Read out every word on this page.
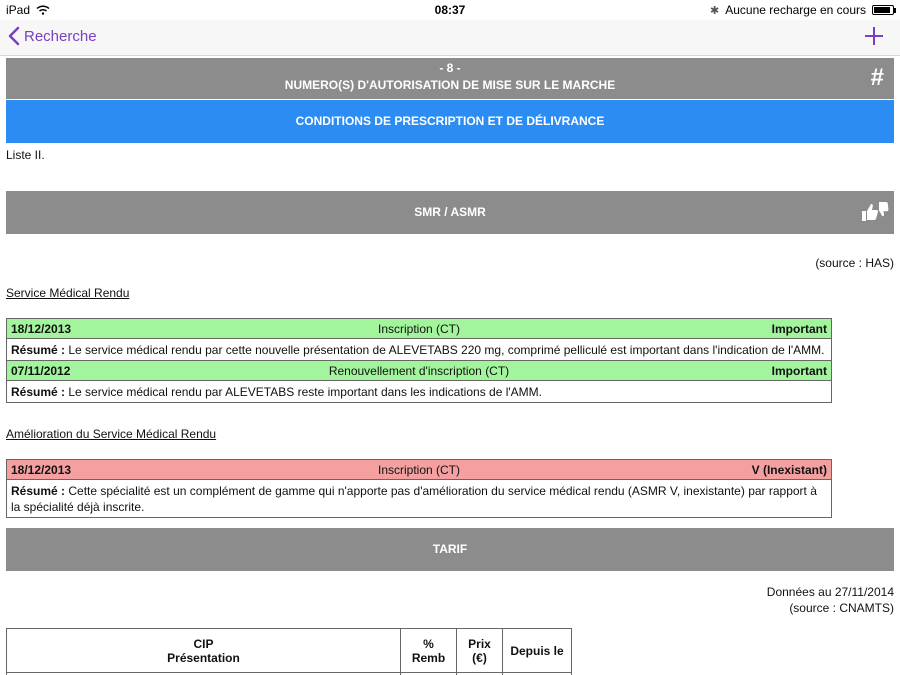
iPad	08:37	✱ Aucune recharge en cours
Recherche
- 8 -
NUMERO(S) D'AUTORISATION DE MISE SUR LE MARCHE	#
CONDITIONS DE PRESCRIPTION ET DE DÉLIVRANCE
Liste II.
SMR / ASMR
(source : HAS)
Service Médical Rendu
18/12/2013	Inscription (CT)	Important
Résumé : Le service médical rendu par cette nouvelle présentation de ALEVETABS 220 mg, comprimé pelliculé est important dans l'indication de l'AMM.		
07/11/2012	Renouvellement d'inscription (CT)	Important
Résumé : Le service médical rendu par ALEVETABS reste important dans les indications de l'AMM.		
Amélioration du Service Médical Rendu
18/12/2013	Inscription (CT)	V (Inexistant)
Résumé : Cette spécialité est un complément de gamme qui n'apporte pas d'amélioration du service médical rendu (ASMR V, inexistante) par rapport à la spécialité déjà inscrite.
TARIF
Données au 27/11/2014
(source : CNAMTS)
CIP
Présentation	% Remb	Prix (€)	Depuis le
